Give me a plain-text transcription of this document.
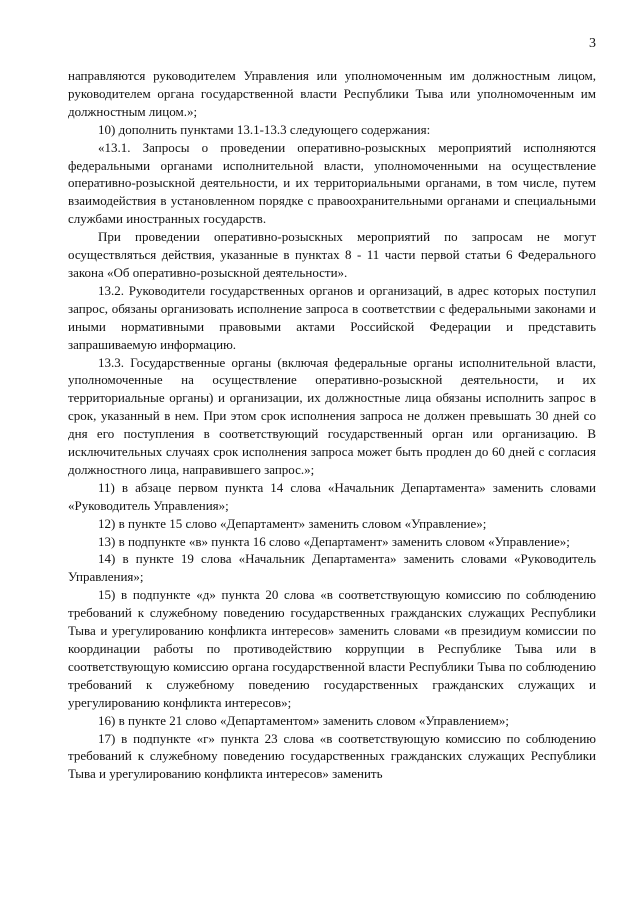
3

направляются руководителем Управления или уполномоченным им должностным лицом, руководителем органа государственной власти Республики Тыва или уполномоченным им должностным лицом.»;

10) дополнить пунктами 13.1-13.3 следующего содержания:

«13.1. Запросы о проведении оперативно-розыскных мероприятий исполняются федеральными органами исполнительной власти, уполномоченными на осуществление оперативно-розыскной деятельности, и их территориальными органами, в том числе, путем взаимодействия в установленном порядке с правоохранительными органами и специальными службами иностранных государств.

При проведении оперативно-розыскных мероприятий по запросам не могут осуществляться действия, указанные в пунктах 8 - 11 части первой статьи 6 Федерального закона «Об оперативно-розыскной деятельности».

13.2. Руководители государственных органов и организаций, в адрес которых поступил запрос, обязаны организовать исполнение запроса в соответствии с федеральными законами и иными нормативными правовыми актами Российской Федерации и представить запрашиваемую информацию.

13.3. Государственные органы (включая федеральные органы исполнительной власти, уполномоченные на осуществление оперативно-розыскной деятельности, и их территориальные органы) и организации, их должностные лица обязаны исполнить запрос в срок, указанный в нем. При этом срок исполнения запроса не должен превышать 30 дней со дня его поступления в соответствующий государственный орган или организацию. В исключительных случаях срок исполнения запроса может быть продлен до 60 дней с согласия должностного лица, направившего запрос.»;

11) в абзаце первом пункта 14 слова «Начальник Департамента» заменить словами «Руководитель Управления»;

12) в пункте 15 слово «Департамент» заменить словом «Управление»;

13) в подпункте «в» пункта 16 слово «Департамент» заменить словом «Управление»;

14) в пункте 19 слова «Начальник Департамента» заменить словами «Руководитель Управления»;

15) в подпункте «д» пункта 20 слова «в соответствующую комиссию по соблюдению требований к служебному поведению государственных гражданских служащих Республики Тыва и урегулированию конфликта интересов» заменить словами «в президиум комиссии по координации работы по противодействию коррупции в Республике Тыва или в соответствующую комиссию органа государственной власти Республики Тыва по соблюдению требований к служебному поведению государственных гражданских служащих и урегулированию конфликта интересов»;

16) в пункте 21 слово «Департаментом» заменить словом «Управлением»;

17) в подпункте «г» пункта 23 слова «в соответствующую комиссию по соблюдению требований к служебному поведению государственных гражданских служащих Республики Тыва и урегулированию конфликта интересов» заменить
